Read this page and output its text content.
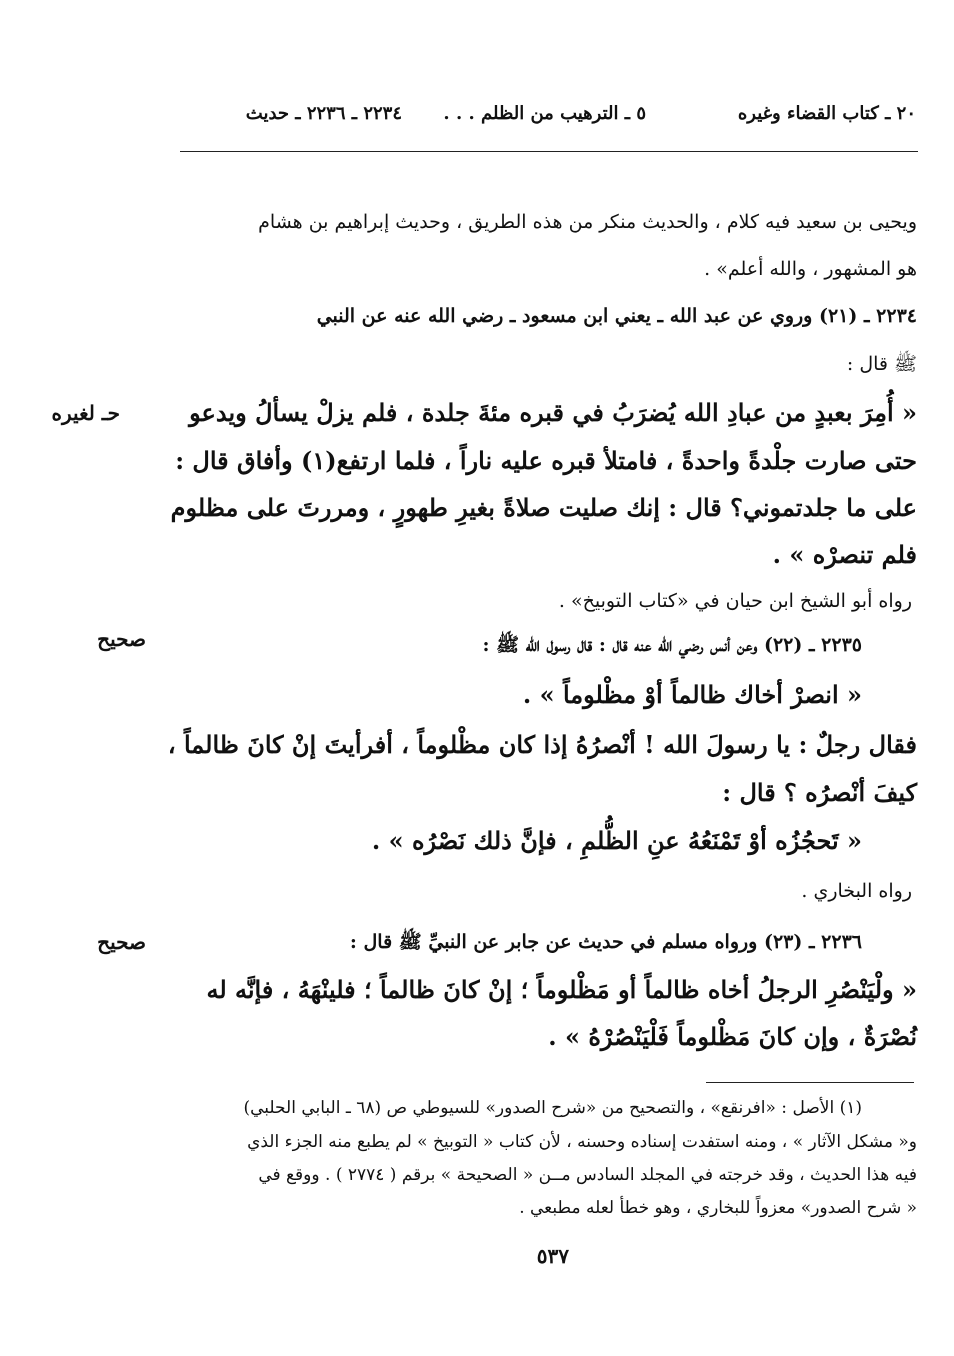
٢٠ ـ كتاب القضاء وغيره
٥ ـ الترهيب من الظلم . . .
٢٢٣٤ ـ ٢٢٣٦ ـ حديث
ويحيى بن سعيد فيه كلام ، والحديث منكر من هذه الطريق ، وحديث إبراهيم بن هشام
هو المشهور ، والله أعلم» .
٢٢٣٤ ـ (٢١) وروي عن عبد الله ـ يعني ابن مسعود ـ رضي الله عنه عن النبي
ﷺ قال :
حـ لغيره	« أُمِرَ بعبدٍ من عبادِ الله يُضرَبُ في قبره مئةَ جلدة ، فلم يزلْ يسألُ ويدعو
حتى صارت جلْدةً واحدةً ، فامتلأ قبره عليه ناراً ، فلما ارتفع(١) وأفاق قال :
على ما جلدتموني؟ قال : إنك صليت صلاةً بغيرِ طهورٍ ، ومررتَ على مظلوم
فلم تنصرْه » .
رواه أبو الشيخ ابن حيان في «كتاب التوبيخ» .
صحيح	٢٢٣٥ ـ (٢٢) وعن أنس رضي الله عنه قال : قال رسول الله ﷺ :
« انصرْ أخاك ظالماً أوْ مظْلوماً » .
فقال رجلٌ : يا رسولَ الله ! أنْصرُهُ إذا كان مظْلوماً ، أفرأيتَ إنْ كانَ ظالماً ،
كيفَ أنْصرُه ؟ قال :
« تَحجُزُه أوْ تَمْنَعُهُ عنِ الظُّلمِ ، فإنَّ ذلك نَصْرُه » .
رواه البخاري .
صحيح	٢٢٣٦ ـ (٢٣) ورواه مسلم في حديث عن جابر عن النبيِّ ﷺ قال :
« ولْيَنْصُرِ الرجلُ أخاه ظالماً أو مَظْلوماً ؛ إنْ كانَ ظالماً ؛ فلينْهَهُ ، فإنَّه له
نُصْرَةٌ ، وإن كانَ مَظْلوماً فَلْيَنْصُرْهُ » .
(١) الأصل : «افرنقع» ، والتصحيح من «شرح الصدور» للسيوطي ص (٦٨ ـ البابي الحلبي)
و« مشكل الآثار » ، ومنه استفدت إسناده وحسنه ، لأن كتاب « التوبيخ » لم يطبع منه الجزء الذي
فيه هذا الحديث ، وقد خرجته في المجلد السادس مــن « الصحيحة » برقم ( ٢٧٧٤ ) . ووقع في
« شرح الصدور» معزواً للبخاري ، وهو خطأ لعله مطبعي .
٥٣٧
